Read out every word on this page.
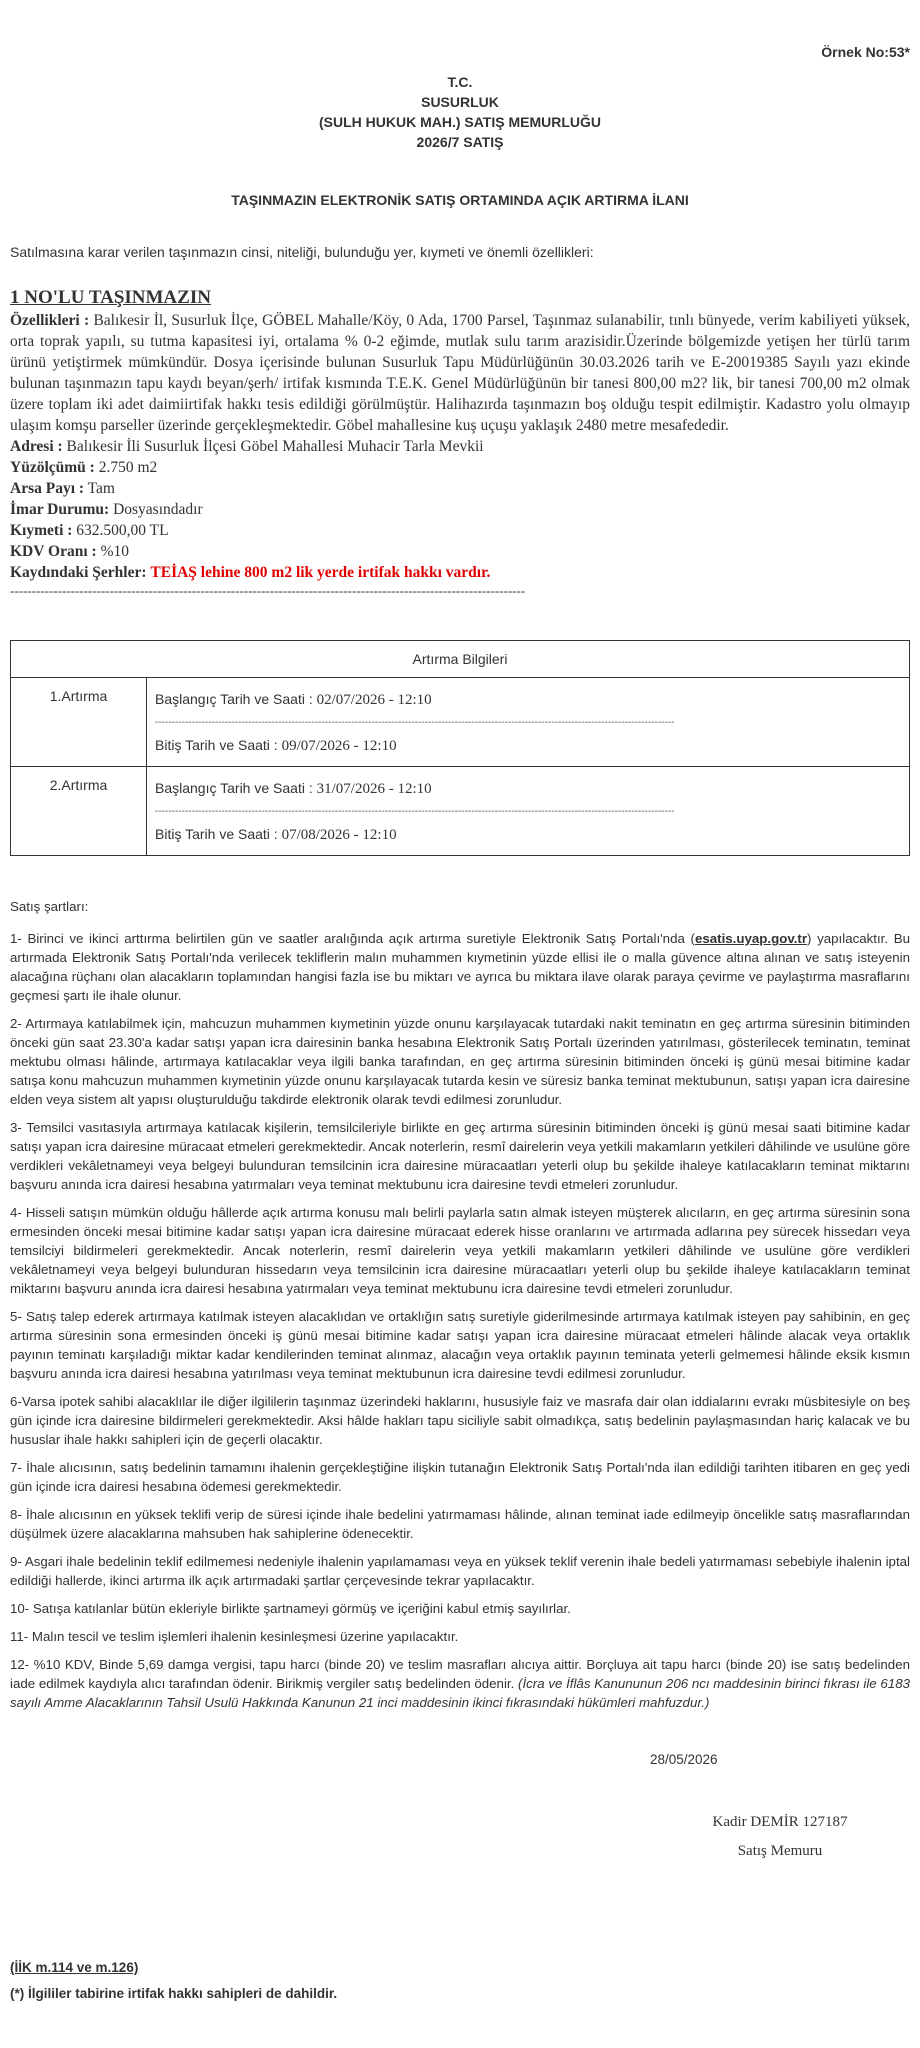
Örnek No:53*
T.C.
SUSURLUK
(SULH HUKUK MAH.) SATIŞ MEMURLUĞU
2026/7 SATIŞ
TAŞINMAZIN ELEKTRONİK SATIŞ ORTAMINDA AÇIK ARTIRMA İLANI
Satılmasına karar verilen taşınmazın cinsi, niteliği, bulunduğu yer, kıymeti ve önemli özellikleri:
1 NO'LU TAŞINMAZIN
Özellikleri : Balıkesir İl, Susurluk İlçe, GÖBEL Mahalle/Köy, 0 Ada, 1700 Parsel, Taşınmaz sulanabilir, tınlı bünyede, verim kabiliyeti yüksek, orta toprak yapılı, su tutma kapasitesi iyi, ortalama % 0-2 eğimde, mutlak sulu tarım arazisidir.Üzerinde bölgemizde yetişen her türlü tarım ürünü yetiştirmek mümkündür. Dosya içerisinde bulunan Susurluk Tapu Müdürlüğünün 30.03.2026 tarih ve E-20019385 Sayılı yazı ekinde bulunan taşınmazın tapu kaydı beyan/şerh/ irtifak kısmında T.E.K. Genel Müdürlüğünün bir tanesi 800,00 m2? lik, bir tanesi 700,00 m2 olmak üzere toplam iki adet daimiirtifak hakkı tesis edildiği görülmüştür. Halihazırda taşınmazın boş olduğu tespit edilmiştir. Kadastro yolu olmayıp ulaşım komşu parseller üzerinde gerçekleşmektedir. Göbel mahallesine kuş uçuşu yaklaşık 2480 metre mesafededir.
Adresi : Balıkesir İli Susurluk İlçesi Göbel Mahallesi Muhacir Tarla Mevkii
Yüzölçümü : 2.750 m2
Arsa Payı : Tam
İmar Durumu: Dosyasındadır
Kıymeti : 632.500,00 TL
KDV Oranı : %10
Kaydındaki Şerhler: TEİAŞ lehine 800 m2 lik yerde irtifak hakkı vardır.
-----------------------------------------------------------------------------------------------------------------------
Artırma Bilgileri
1.Artırma	Başlangıç Tarih ve Saati : 02/07/2026 - 12:10
------------------------------------------------------------------------------------------------------------------------------------------------------------
Bitiş Tarih ve Saati : 09/07/2026 - 12:10
2.Artırma	Başlangıç Tarih ve Saati : 31/07/2026 - 12:10
------------------------------------------------------------------------------------------------------------------------------------------------------------
Bitiş Tarih ve Saati : 07/08/2026 - 12:10

Satış şartları:

1- Birinci ve ikinci arttırma belirtilen gün ve saatler aralığında açık artırma suretiyle Elektronik Satış Portalı'nda (esatis.uyap.gov.tr) yapılacaktır. Bu artırmada Elektronik Satış Portalı'nda verilecek tekliflerin malın muhammen kıymetinin yüzde ellisi ile o malla güvence altına alınan ve satış isteyenin alacağına rüçhanı olan alacakların toplamından hangisi fazla ise bu miktarı ve ayrıca bu miktara ilave olarak paraya çevirme ve paylaştırma masraflarını geçmesi şartı ile ihale olunur.

2- Artırmaya katılabilmek için, mahcuzun muhammen kıymetinin yüzde onunu karşılayacak tutardaki nakit teminatın en geç artırma süresinin bitiminden önceki gün saat 23.30'a kadar satışı yapan icra dairesinin banka hesabına Elektronik Satış Portalı üzerinden yatırılması, gösterilecek teminatın, teminat mektubu olması hâlinde, artırmaya katılacaklar veya ilgili banka tarafından, en geç artırma süresinin bitiminden önceki iş günü mesai bitimine kadar satışa konu mahcuzun muhammen kıymetinin yüzde onunu karşılayacak tutarda kesin ve süresiz banka teminat mektubunun, satışı yapan icra dairesine elden veya sistem alt yapısı oluşturulduğu takdirde elektronik olarak tevdi edilmesi zorunludur.

3- Temsilci vasıtasıyla artırmaya katılacak kişilerin, temsilcileriyle birlikte en geç artırma süresinin bitiminden önceki iş günü mesai saati bitimine kadar satışı yapan icra dairesine müracaat etmeleri gerekmektedir. Ancak noterlerin, resmî dairelerin veya yetkili makamların yetkileri dâhilinde ve usulüne göre verdikleri vekâletnameyi veya belgeyi bulunduran temsilcinin icra dairesine müracaatları yeterli olup bu şekilde ihaleye katılacakların teminat miktarını başvuru anında icra dairesi hesabına yatırmaları veya teminat mektubunu icra dairesine tevdi etmeleri zorunludur.

4- Hisseli satışın mümkün olduğu hâllerde açık artırma konusu malı belirli paylarla satın almak isteyen müşterek alıcıların, en geç artırma süresinin sona ermesinden önceki mesai bitimine kadar satışı yapan icra dairesine müracaat ederek hisse oranlarını ve artırmada adlarına pey sürecek hissedarı veya temsilciyi bildirmeleri gerekmektedir. Ancak noterlerin, resmî dairelerin veya yetkili makamların yetkileri dâhilinde ve usulüne göre verdikleri vekâletnameyi veya belgeyi bulunduran hissedarın veya temsilcinin icra dairesine müracaatları yeterli olup bu şekilde ihaleye katılacakların teminat miktarını başvuru anında icra dairesi hesabına yatırmaları veya teminat mektubunu icra dairesine tevdi etmeleri zorunludur.

5- Satış talep ederek artırmaya katılmak isteyen alacaklıdan ve ortaklığın satış suretiyle giderilmesinde artırmaya katılmak isteyen pay sahibinin, en geç artırma süresinin sona ermesinden önceki iş günü mesai bitimine kadar satışı yapan icra dairesine müracaat etmeleri hâlinde alacak veya ortaklık payının teminatı karşıladığı miktar kadar kendilerinden teminat alınmaz, alacağın veya ortaklık payının teminata yeterli gelmemesi hâlinde eksik kısmın başvuru anında icra dairesi hesabına yatırılması veya teminat mektubunun icra dairesine tevdi edilmesi zorunludur.

6-Varsa ipotek sahibi alacaklılar ile diğer ilgililerin taşınmaz üzerindeki haklarını, hususiyle faiz ve masrafa dair olan iddialarını evrakı müsbitesiyle on beş gün içinde icra dairesine bildirmeleri gerekmektedir. Aksi hâlde hakları tapu siciliyle sabit olmadıkça, satış bedelinin paylaşmasından hariç kalacak ve bu hususlar ihale hakkı sahipleri için de geçerli olacaktır.

7- İhale alıcısının, satış bedelinin tamamını ihalenin gerçekleştiğine ilişkin tutanağın Elektronik Satış Portalı'nda ilan edildiği tarihten itibaren en geç yedi gün içinde icra dairesi hesabına ödemesi gerekmektedir.

8- İhale alıcısının en yüksek teklifi verip de süresi içinde ihale bedelini yatırmaması hâlinde, alınan teminat iade edilmeyip öncelikle satış masraflarından düşülmek üzere alacaklarına mahsuben hak sahiplerine ödenecektir.

9- Asgari ihale bedelinin teklif edilmemesi nedeniyle ihalenin yapılamaması veya en yüksek teklif verenin ihale bedeli yatırmaması sebebiyle ihalenin iptal edildiği hallerde, ikinci artırma ilk açık artırmadaki şartlar çerçevesinde tekrar yapılacaktır.

10- Satışa katılanlar bütün ekleriyle birlikte şartnameyi görmüş ve içeriğini kabul etmiş sayılırlar.

11- Malın tescil ve teslim işlemleri ihalenin kesinleşmesi üzerine yapılacaktır.

12- %10 KDV, Binde 5,69 damga vergisi, tapu harcı (binde 20) ve teslim masrafları alıcıya aittir. Borçluya ait tapu harcı (binde 20) ise satış bedelinden iade edilmek kaydıyla alıcı tarafından ödenir. Birikmiş vergiler satış bedelinden ödenir. (İcra ve İflâs Kanununun 206 ncı maddesinin birinci fıkrası ile 6183 sayılı Amme Alacaklarının Tahsil Usulü Hakkında Kanunun 21 inci maddesinin ikinci fıkrasındaki hükümleri mahfuzdur.)

28/05/2026
Kadir DEMİR 127187
Satış Memuru
(İİK m.114 ve m.126)
(*) İlgililer tabirine irtifak hakkı sahipleri de dahildir.
